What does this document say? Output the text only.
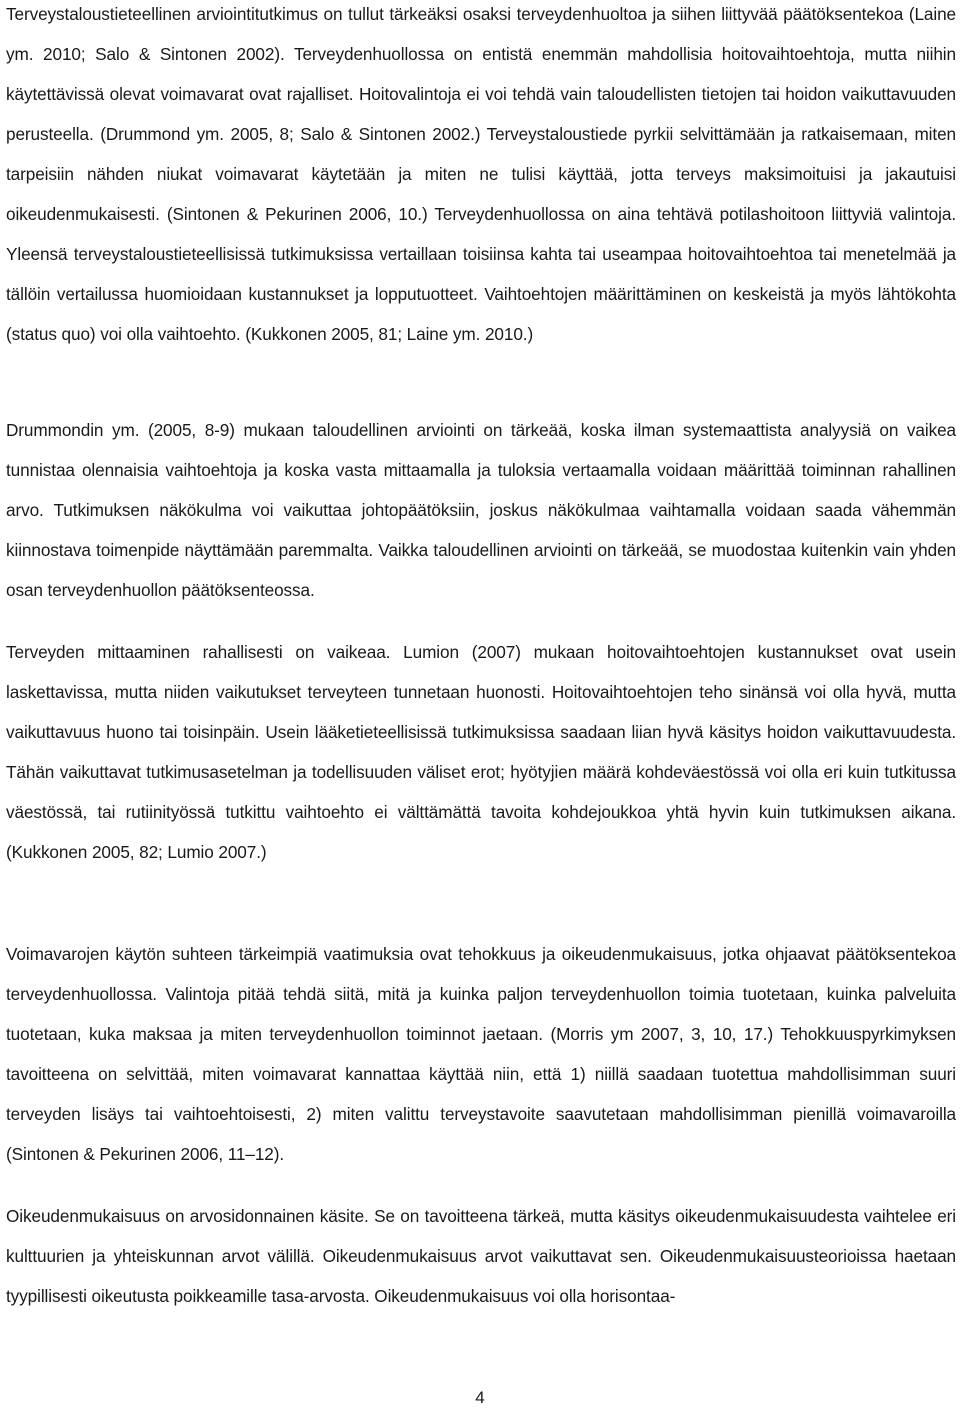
Terveystaloustieteellinen arviointitutkimus on tullut tärkeäksi osaksi terveydenhuoltoa ja siihen liittyvää päätöksentekoa (Laine ym. 2010; Salo & Sintonen 2002). Terveydenhuollossa on entistä enemmän mahdollisia hoitovaihtoehtoja, mutta niihin käytettävissä olevat voimavarat ovat rajalliset. Hoitovalintoja ei voi tehdä vain taloudellisten tietojen tai hoidon vaikuttavuuden perusteella. (Drummond ym. 2005, 8; Salo & Sintonen 2002.) Terveystaloustiede pyrkii selvittämään ja ratkaisemaan, miten tarpeisiin nähden niukat voimavarat käytetään ja miten ne tulisi käyttää, jotta terveys maksimoituisi ja jakautuisi oikeudenmukaisesti. (Sintonen & Pekurinen 2006, 10.) Terveydenhuollossa on aina tehtävä potilashoitoon liittyviä valintoja. Yleensä terveystaloustieteellisissä tutkimuksissa vertaillaan toisiinsa kahta tai useampaa hoitovaihtoehtoa tai menetelmää ja tällöin vertailussa huomioidaan kustannukset ja lopputuotteet. Vaihtoehtojen määrittäminen on keskeistä ja myös lähtökohta (status quo) voi olla vaihtoehto. (Kukkonen 2005, 81; Laine ym. 2010.)

Drummondin ym. (2005, 8-9) mukaan taloudellinen arviointi on tärkeää, koska ilman systemaattista analyysiä on vaikea tunnistaa olennaisia vaihtoehtoja ja koska vasta mittaamalla ja tuloksia vertaamalla voidaan määrittää toiminnan rahallinen arvo. Tutkimuksen näkökulma voi vaikuttaa johtopäätöksiin, joskus näkökulmaa vaihtamalla voidaan saada vähemmän kiinnostava toimenpide näyttämään paremmalta. Vaikka taloudellinen arviointi on tärkeää, se muodostaa kuitenkin vain yhden osan terveydenhuollon päätöksenteossa.

Terveyden mittaaminen rahallisesti on vaikeaa. Lumion (2007) mukaan hoitovaihtoehtojen kustannukset ovat usein laskettavissa, mutta niiden vaikutukset terveyteen tunnetaan huonosti. Hoitovaihtoehtojen teho sinänsä voi olla hyvä, mutta vaikuttavuus huono tai toisinpäin. Usein lääketieteellisissä tutkimuksissa saadaan liian hyvä käsitys hoidon vaikuttavuudesta. Tähän vaikuttavat tutkimusasetelman ja todellisuuden väliset erot; hyötyjien määrä kohdeväestössä voi olla eri kuin tutkitussa väestössä, tai rutiinityössä tutkittu vaihtoehto ei välttämättä tavoita kohdejoukkoa yhtä hyvin kuin tutkimuksen aikana. (Kukkonen 2005, 82; Lumio 2007.)

Voimavarojen käytön suhteen tärkeimpiä vaatimuksia ovat tehokkuus ja oikeudenmukaisuus, jotka ohjaavat päätöksentekoa terveydenhuollossa. Valintoja pitää tehdä siitä, mitä ja kuinka paljon terveydenhuollon toimia tuotetaan, kuinka palveluita tuotetaan, kuka maksaa ja miten terveydenhuollon toiminnot jaetaan. (Morris ym 2007, 3, 10, 17.) Tehokkuuspyrkimyksen tavoitteena on selvittää, miten voimavarat kannattaa käyttää niin, että 1) niillä saadaan tuotettua mahdollisimman suuri terveyden lisäys tai vaihtoehtoisesti, 2) miten valittu terveystavoite saavutetaan mahdollisimman pienillä voimavaroilla (Sintonen & Pekurinen 2006, 11–12).

Oikeudenmukaisuus on arvosidonnainen käsite. Se on tavoitteena tärkeä, mutta käsitys oikeudenmukaisuudesta vaihtelee eri kulttuurien ja yhteiskunnan arvot välillä. Oikeudenmukaisuus arvot vaikuttavat sen. Oikeudenmukaisuusteorioissa haetaan tyypillisesti oikeutusta poikkeamille tasa-arvosta. Oikeudenmukaisuus voi olla horisontaa-

4
